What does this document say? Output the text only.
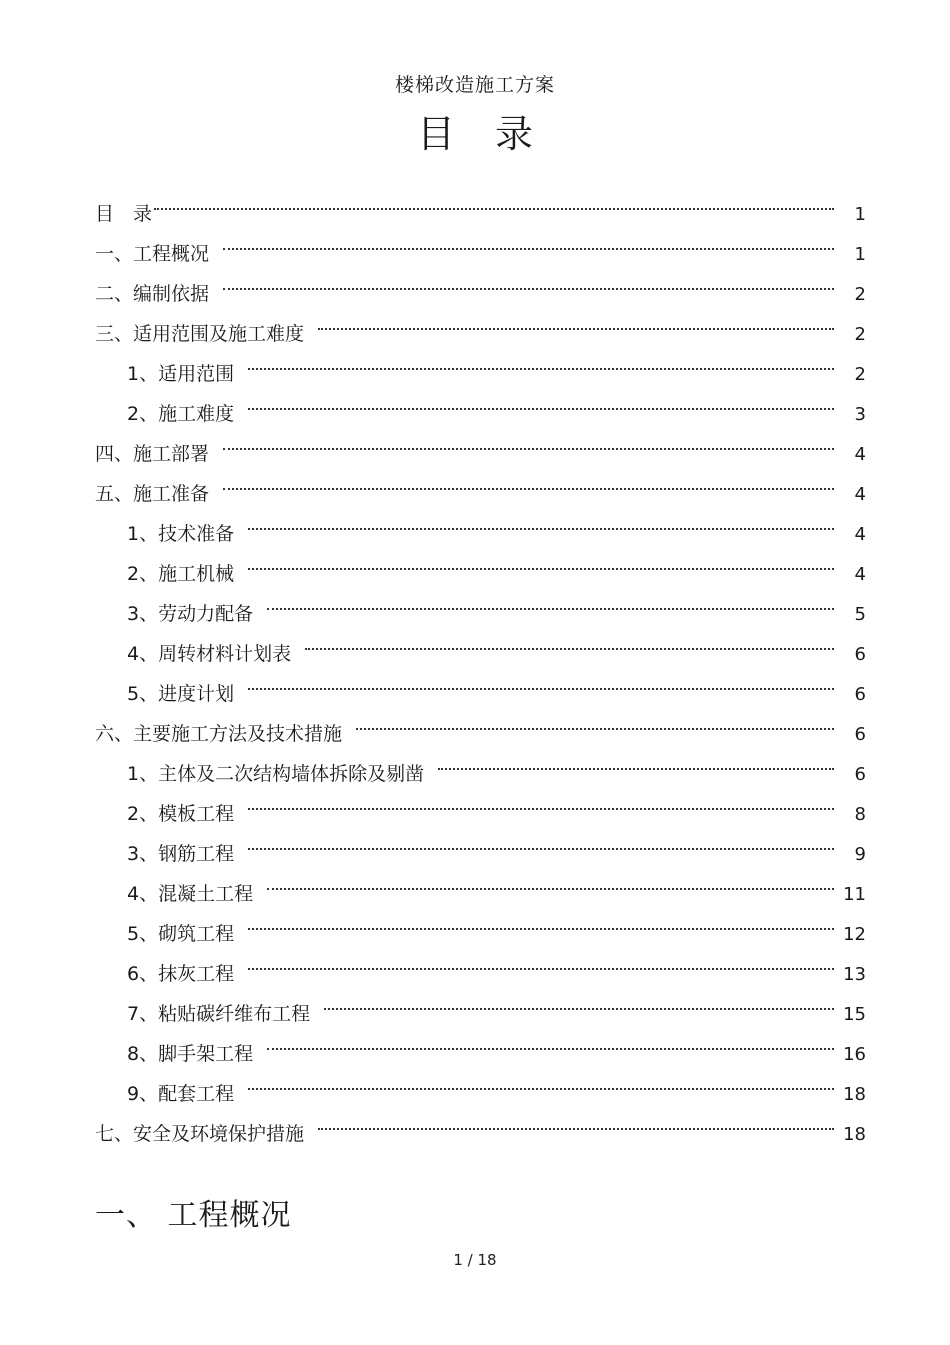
楼梯改造施工方案
目 录
目　录	1
一、工程概况	1
二、编制依据	2
三、适用范围及施工难度	2
1、适用范围	2
2、施工难度	3
四、施工部署	4
五、施工准备	4
1、技术准备	4
2、施工机械	4
3、劳动力配备	5
4、周转材料计划表	6
5、进度计划	6
六、主要施工方法及技术措施	6
1、主体及二次结构墙体拆除及剔凿	6
2、模板工程	8
3、钢筋工程	9
4、混凝土工程	11
5、砌筑工程	12
6、抹灰工程	13
7、粘贴碳纤维布工程	15
8、脚手架工程	16
9、配套工程	18
七、安全及环境保护措施	18
一、 工程概况
1 / 18
